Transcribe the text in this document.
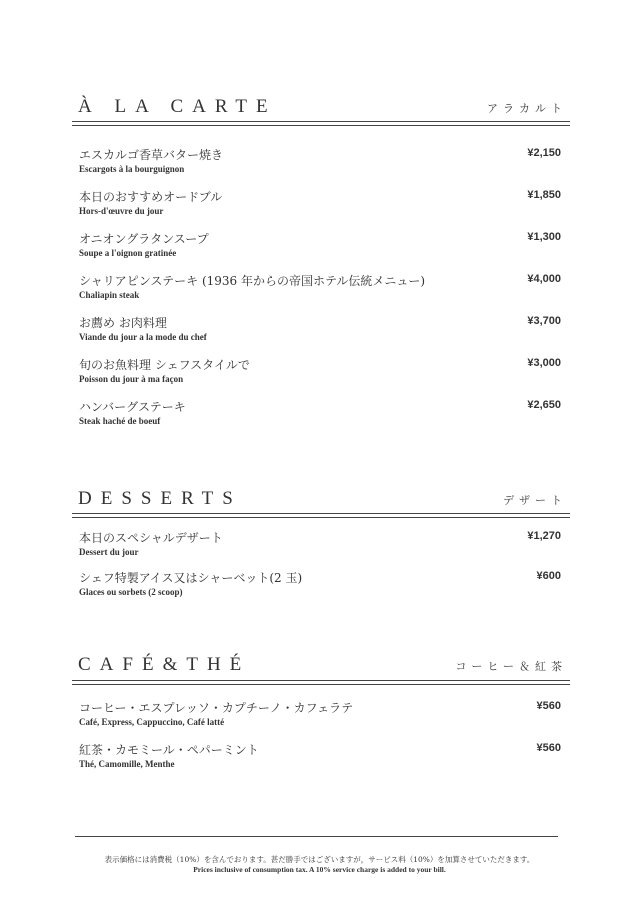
À LA CARTE	アラカルト
エスカルゴ香草バター焼き
Escargots à la bourguignon
¥2,150
本日のおすすめオードブル
Hors-d'œuvre du jour
¥1,850
オニオングラタンスープ
Soupe a l'oignon gratinée
¥1,300
シャリアピンステーキ (1936 年からの帝国ホテル伝統メニュー)
Chaliapin steak
¥4,000
お薦め お肉料理
Viande du jour a la mode du chef
¥3,700
旬のお魚料理 シェフスタイルで
Poisson du jour à ma façon
¥3,000
ハンバーグステーキ
Steak haché de boeuf
¥2,650
DESSERTS	デザート
本日のスペシャルデザート
Dessert du jour
¥1,270
シェフ特製アイス又はシャーベット(2 玉)
Glaces ou sorbets (2 scoop)
¥600
CAFÉ&THÉ	コーヒー＆紅茶
コーヒー・エスプレッソ・カプチーノ・カフェラテ
Café, Express, Cappuccino, Café latté
¥560
紅茶・カモミール・ペパーミント
Thé, Camomille, Menthe
¥560
表示価格には消費税（10%）を含んでおります。甚だ勝手ではございますが，サービス料（10%）を加算させていただきます。
Prices inclusive of consumption tax. A 10% service charge is added to your bill.
